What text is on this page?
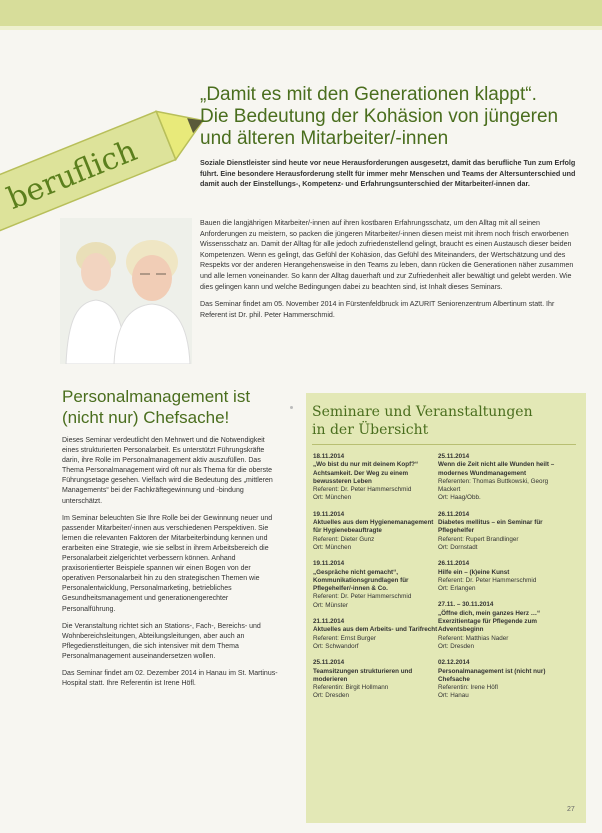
beruflich
„Damit es mit den Generationen klappt“.
Die Bedeutung der Kohäsion von jüngeren
und älteren Mitarbeiter/-innen
Soziale Dienstleister sind heute vor neue Herausforderungen ausgesetzt, damit das berufliche Tun zum Erfolg führt. Eine besondere Herausforderung stellt für immer mehr Menschen und Teams der Altersunterschied und damit auch der Einstellungs-, Kompetenz- und Erfahrungsunterschied der Mitarbeiter/-innen dar.

Bauen die langjährigen Mitarbeiter/-innen auf ihren kostbaren Erfahrungsschatz, um den Alltag mit all seinen Anforderungen zu meistern, so packen die jüngeren Mitarbeiter/-innen diesen meist mit ihrem noch frisch erworbenen Wissensschatz an. Damit der Alltag für alle jedoch zufriedenstellend gelingt, braucht es einen Austausch dieser beiden Kompetenzen. Wenn es gelingt, das Gefühl der Kohäsion, das Gefühl des Miteinanders, der Wertschätzung und des Respekts vor der anderen Herangehensweise in den Teams zu leben, dann rücken die Generationen näher zusammen und alle lernen voneinander. So kann der Alltag dauerhaft und zur Zufriedenheit aller bewältigt und gelebt werden. Wie dies gelingen kann und welche Bedingungen dabei zu beachten sind, ist Inhalt dieses Seminars.

Das Seminar findet am 05. November 2014 in Fürstenfeldbruck im AZURIT Seniorenzentrum Albertinum statt. Ihr Referent ist Dr. phil. Peter Hammerschmid.

Personalmanagement ist
(nicht nur) Chefsache!

Dieses Seminar verdeutlicht den Mehrwert und die Notwendigkeit eines strukturierten Personalarbeit. Es unterstützt Führungskräfte darin, ihre Rolle im Personalmanagement aktiv auszufüllen. Das Thema Personalmanagement wird oft nur als Thema für die oberste Führungsetage gesehen. Vielfach wird die Bedeutung des „mittleren Managements“ bei der Fachkräftegewinnung und -bindung unterschätzt.

Im Seminar beleuchten Sie Ihre Rolle bei der Gewinnung neuer und passender Mitarbeiter/-innen aus verschiedenen Perspektiven. Sie lernen die relevanten Faktoren der Mitarbeiterbindung kennen und erarbeiten eine Strategie, wie sie selbst in ihrem Arbeitsbereich die Personalarbeit zielgerichtet verbessern können. Anhand praxisorientierter Beispiele spannen wir einen Bogen von der operativen Personalarbeit hin zu den strategischen Themen wie Personalentwicklung, Personalmarketing, betriebliches Gesundheitsmanagement und generationengerechter Personalführung.

Die Veranstaltung richtet sich an Stations-, Fach-, Bereichs- und Wohnbereichsleitungen, Abteilungsleitungen, aber auch an Pflegedienstleitungen, die sich intensiver mit dem Thema Personalmanagement auseinandersetzen wollen.

Das Seminar findet am 02. Dezember 2014 in Hanau im St. Martinus-Hospital statt. Ihre Referentin ist Irene Höfl.

Seminare und Veranstaltungen
in der Übersicht
18.11.2014
„Wo bist du nur mit deinem Kopf?“ Achtsamkeit. Der Weg zu einem bewussteren Leben
Referent: Dr. Peter Hammerschmid
Ort: München
19.11.2014
Aktuelles aus dem Hygienemanagement für Hygienebeauftragte
Referent: Dieter Gunz
Ort: München
19.11.2014
„Gespräche nicht gemacht“, Kommunikationsgrundlagen für Pflegehelfer/-innen & Co.
Referent: Dr. Peter Hammerschmid
Ort: Münster
21.11.2014
Aktuelles aus dem Arbeits- und Tarifrecht
Referent: Ernst Burger
Ort: Schwandorf
25.11.2014
Teamsitzungen strukturieren und moderieren
Referentin: Birgit Hollmann
Ort: Dresden
25.11.2014
Wenn die Zeit nicht alle Wunden heilt – modernes Wundmanagement
Referenten: Thomas Buttkowski, Georg Mackert
Ort: Haag/Obb.
26.11.2014
Diabetes mellitus – ein Seminar für Pflegehelfer
Referent: Rupert Brandlinger
Ort: Dornstadt
26.11.2014
Hilfe ein – (k)eine Kunst
Referent: Dr. Peter Hammerschmid
Ort: Erlangen
27.11. – 30.11.2014
„Öffne dich, mein ganzes Herz …“ Exerzitientage für Pflegende zum Adventsbeginn
Referent: Matthias Nader
Ort: Dresden
02.12.2014
Personalmanagement ist (nicht nur) Chefsache
Referentin: Irene Höfl
Ort: Hanau
27
